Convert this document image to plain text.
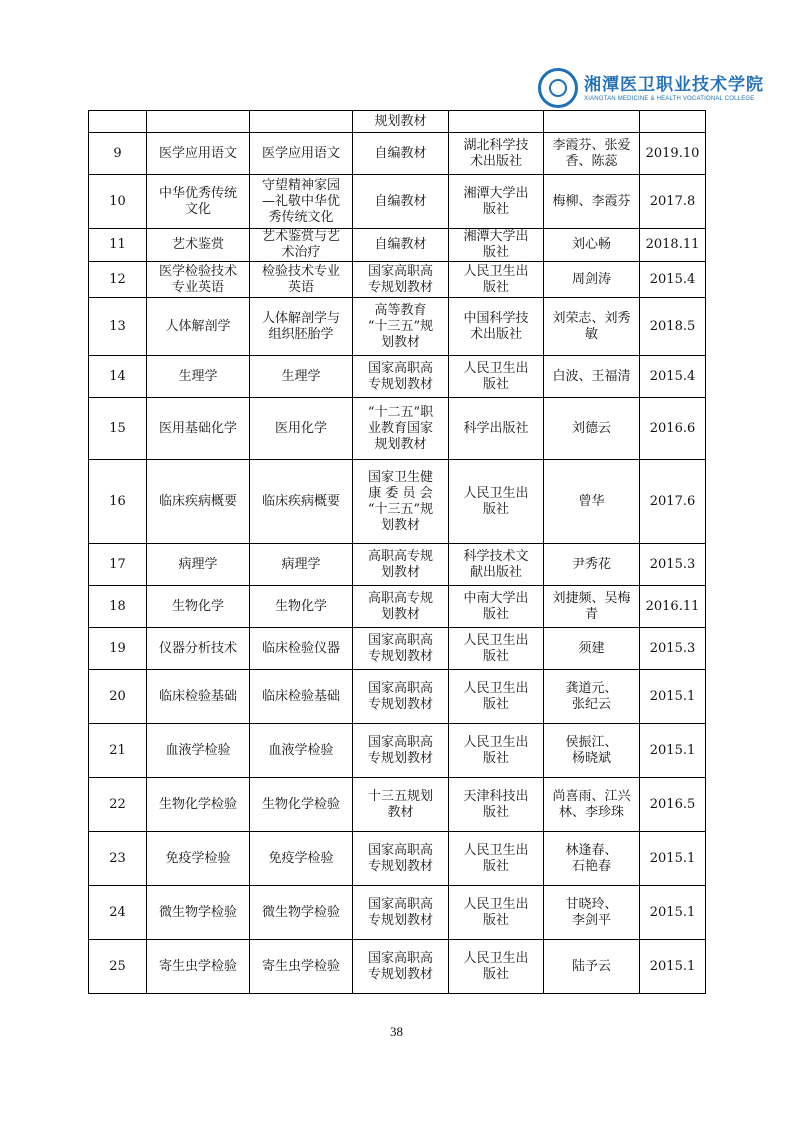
湘潭医卫职业技术学院
XIANGTAN MEDICINE & HEALTH VOCATIONAL COLLEGE
			规划教材			
9	医学应用语文	医学应用语文	自编教材	湖北科学技
术出版社	李霞芬、张爱
香、陈蕊	2019.10
10	中华优秀传统
文化	守望精神家园
—礼敬中华优
秀传统文化	自编教材	湘潭大学出
版社	梅柳、李霞芬	2017.8
11	艺术鉴赏	艺术鉴赏与艺
术治疗	自编教材	湘潭大学出
版社	刘心畅	2018.11
12	医学检验技术
专业英语	检验技术专业
英语	国家高职高
专规划教材	人民卫生出
版社	周剑涛	2015.4
13	人体解剖学	人体解剖学与
组织胚胎学	高等教育
“十三五”规
划教材	中国科学技
术出版社	刘荣志、刘秀
敏	2018.5
14	生理学	生理学	国家高职高
专规划教材	人民卫生出
版社	白波、王福清	2015.4
15	医用基础化学	医用化学	“十二五”职
业教育国家
规划教材	科学出版社	刘德云	2016.6
16	临床疾病概要	临床疾病概要	国家卫生健
康 委 员 会
“十三五”规
划教材	人民卫生出
版社	曾华	2017.6
17	病理学	病理学	高职高专规
划教材	科学技术文
献出版社	尹秀花	2015.3
18	生物化学	生物化学	高职高专规
划教材	中南大学出
版社	刘捷频、吴梅
青	2016.11
19	仪器分析技术	临床检验仪器	国家高职高
专规划教材	人民卫生出
版社	须建	2015.3
20	临床检验基础	临床检验基础	国家高职高
专规划教材	人民卫生出
版社	龚道元、
张纪云	2015.1
21	血液学检验	血液学检验	国家高职高
专规划教材	人民卫生出
版社	侯振江、
杨晓斌	2015.1
22	生物化学检验	生物化学检验	十三五规划
教材	天津科技出
版社	尚喜雨、江兴
林、李珍珠	2016.5
23	免疫学检验	免疫学检验	国家高职高
专规划教材	人民卫生出
版社	林逢春、
石艳春	2015.1
24	微生物学检验	微生物学检验	国家高职高
专规划教材	人民卫生出
版社	甘晓玲、
李剑平	2015.1
25	寄生虫学检验	寄生虫学检验	国家高职高
专规划教材	人民卫生出
版社	陆予云	2015.1
38
